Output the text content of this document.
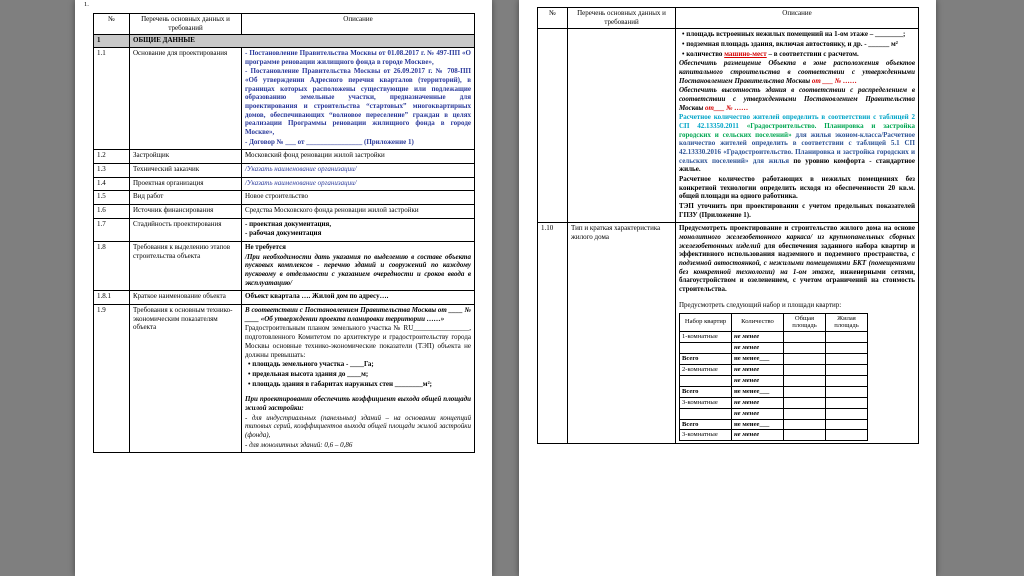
1.
№	Перечень основных данных и требований	Описание
1	ОБЩИЕ ДАННЫЕ	
1.1	Основание для проектирования	- Постановление Правительства Москвы от 01.08.2017 г. № 497-ПП «О программе реновации жилищного фонда в городе Москве»,
- Постановление Правительства Москвы от 26.09.2017 г. № 708-ПП «Об утверждении Адресного перечня кварталов (территорий), в границах которых расположены существующие или подлежащие образованию земельные участки, предназначенные для проектирования и строительства “стартовых” многоквартирных домов, обеспечивающих “волновое переселение” граждан в целях реализации Программы реновации жилищного фонда в городе Москве»,
- Договор № ___ от ________________ (Приложение 1)

1.2	Застройщик	Московский фонд реновации жилой застройки

1.3	Технический заказчик	/Указать наименование организации/

1.4	Проектная организация	/Указать наименование организации/

1.5	Вид работ	Новое строительство

1.6	Источник финансирования	Средства Московского фонда реновации жилой застройки

1.7	Стадийность проектирования	- проектная документация,
- рабочая документация

1.8	Требования к выделению этапов строительства объекта	Не требуется
/При необходимости дать указания по выделению в составе объекта пусковых комплексов - перечню зданий и сооружений по каждому пусковому в отдельности с указанием очередности и сроков ввода в эксплуатацию/

1.8.1	Краткое наименование объекта	Объект квартала …. Жилой дом по адресу….

1.9	Требования к основным технико-экономическим показателям объекта	
В соответствии с Постановлением Правительства Москвы от ____ № ____ «Об утверждении проекта планировки территории ……»
Градостроительным планом земельного участка № RU________________, подготовленного Комитетом по архитектуре и градостроительству города Москвы основные технико-экономические показатели (ТЭП) объекта не должны превышать:
• площадь земельного участка - ____Га;
• предельная высота здания до ____м;
• площадь здания в габаритах наружных стен ________м²;
При проектировании обеспечить коэффициент выхода общей площади жилой застройки:
- для индустриальных (панельных) зданий – на основании концепций типовых серий, коэффициентов выхода общей площади жилой застройки (фонда),
- для монолитных зданий: 0,6 – 0,86
№	Перечень основных данных и требований	Описание

• площадь встроенных нежилых помещений на 1-ом этаже – ________;
• подземная площадь здания, включая автостоянку, и др. - ______ м²
• количество машино-мест – в соответствии с расчетом.
Обеспечить размещение Объекта в зоне расположения объектов капитального строительства в соответствии с утвержденными Постановлением Правительства Москвы от ___ № ……
Обеспечить высотность здания в соответствии с распределением в соответствии с утвержденными Постановлением Правительства Москвы от___ № ……
Расчетное количество жителей определить в соответствии с таблицей 2 СП 42.13350.2011 «Градостроительство. Планировка и застройка городских и сельских поселений» для жилья эконом-класса/Расчетное количество жителей определить в соответствии с таблицей 5.1 СП 42.13330.2016 «Градостроительство. Планировка и застройка городских и сельских поселений» для жилья по уровню комфорта - стандартное жилье.
Расчетное количество работающих в нежилых помещениях без конкретной технологии определить исходя из обеспеченности 20 кв.м. общей площади на одного работника.
ТЭП уточнить при проектировании с учетом предельных показателей ГПЗУ (Приложение 1).

1.10	Тип и краткая характеристика жилого дома	
Предусмотреть проектирование и строительство жилого дома на основе монолитного железобетонного каркаса/ из крупнопанельных сборных железобетонных изделий для обеспечения заданного набора квартир и эффективного использования надземного и подземного пространства, с подземной автостоянкой, с нежилыми помещениями БКТ (помещениями без конкретной технологии) на 1-ом этаже, инженерными сетями, благоустройством и озеленением, с учетом ограничений на стоимость строительства.
Предусмотреть следующий набор и площади квартир:
Набор квартир	Количество	Общая площадь	Жилая площадь
1-комнатные	не менее		
	не менее		
Всего	не менее___		
2-комнатные	не менее		
	не менее		
Всего	не менее___		
3-комнатные	не менее		
	не менее		
Всего	не менее___		
3-комнатные	не менее		
